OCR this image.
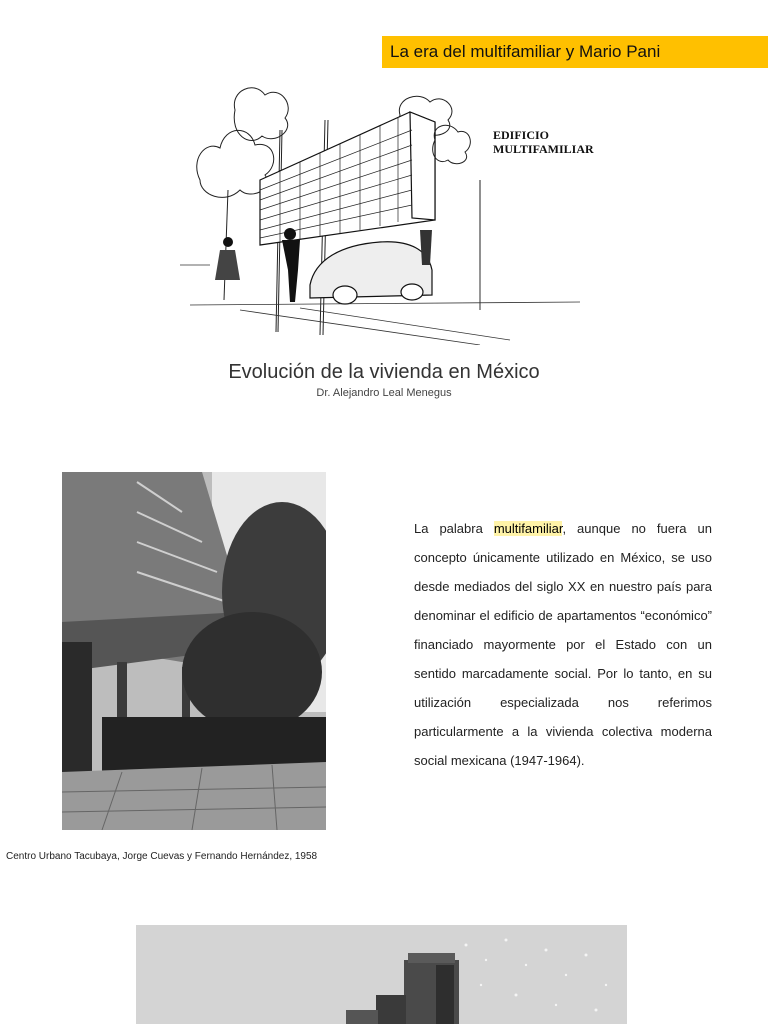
La era del multifamiliar y Mario Pani
EDIFICIO
MULTIFAMILIAR
Evolución de la vivienda en México
Dr. Alejandro Leal Menegus
Centro Urbano Tacubaya, Jorge Cuevas y Fernando Hernández, 1958
La palabra multifamiliar, aunque no fuera un concepto únicamente utilizado en México, se uso desde mediados del siglo XX en nuestro país para denominar el edificio de apartamentos “económico” financiado mayormente por el Estado con un sentido marcadamente social. Por lo tanto, en su utilización especializada nos referimos particularmente a la vivienda colectiva moderna social mexicana (1947-1964).
